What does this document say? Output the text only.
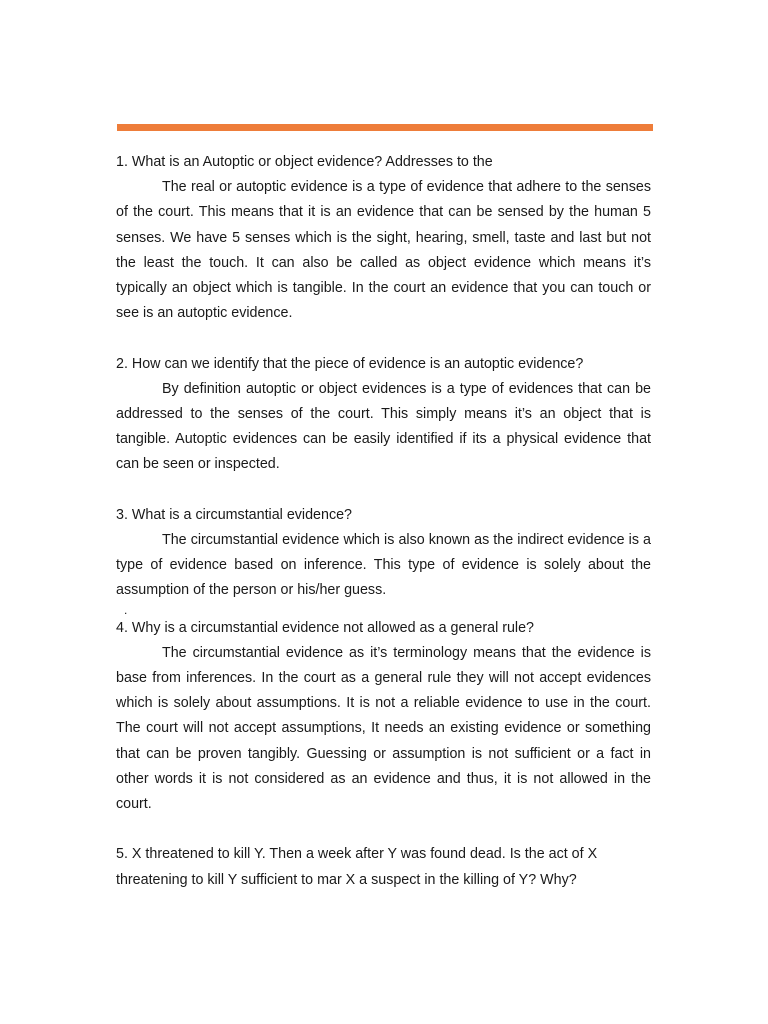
1. What is an Autoptic or object evidence? Addresses to the

The real or autoptic evidence is a type of evidence that adhere to the senses of the court. This means that it is an evidence that can be sensed by the human 5 senses. We have 5 senses which is the sight, hearing, smell, taste and last but not the least the touch. It can also be called as object evidence which means it’s typically an object which is tangible. In the court an evidence that you can touch or see is an autoptic evidence.

2. How can we identify that the piece of evidence is an autoptic evidence?

By definition autoptic or object evidences is a type of evidences that can be addressed to the senses of the court. This simply means it’s an object that is tangible. Autoptic evidences can be easily identified if its a physical evidence that can be seen or inspected.

3. What is a circumstantial evidence?

The circumstantial evidence which is also known as the indirect evidence is a type of evidence based on inference. This type of evidence is solely about the assumption of the person or his/her guess.

.

4. Why is a circumstantial evidence not allowed as a general rule?

The circumstantial evidence as it’s terminology means that the evidence is base from inferences. In the court as a general rule they will not accept evidences which is solely about assumptions. It is not a reliable evidence to use in the court. The court will not accept assumptions, It needs an existing evidence or something that can be proven tangibly. Guessing or assumption is not sufficient or a fact in other words it is not considered as an evidence and thus, it is not allowed in the court.

5. X threatened to kill Y. Then a week after Y was found dead. Is the act of X threatening to kill Y sufficient to mar X a suspect in the killing of Y? Why?
